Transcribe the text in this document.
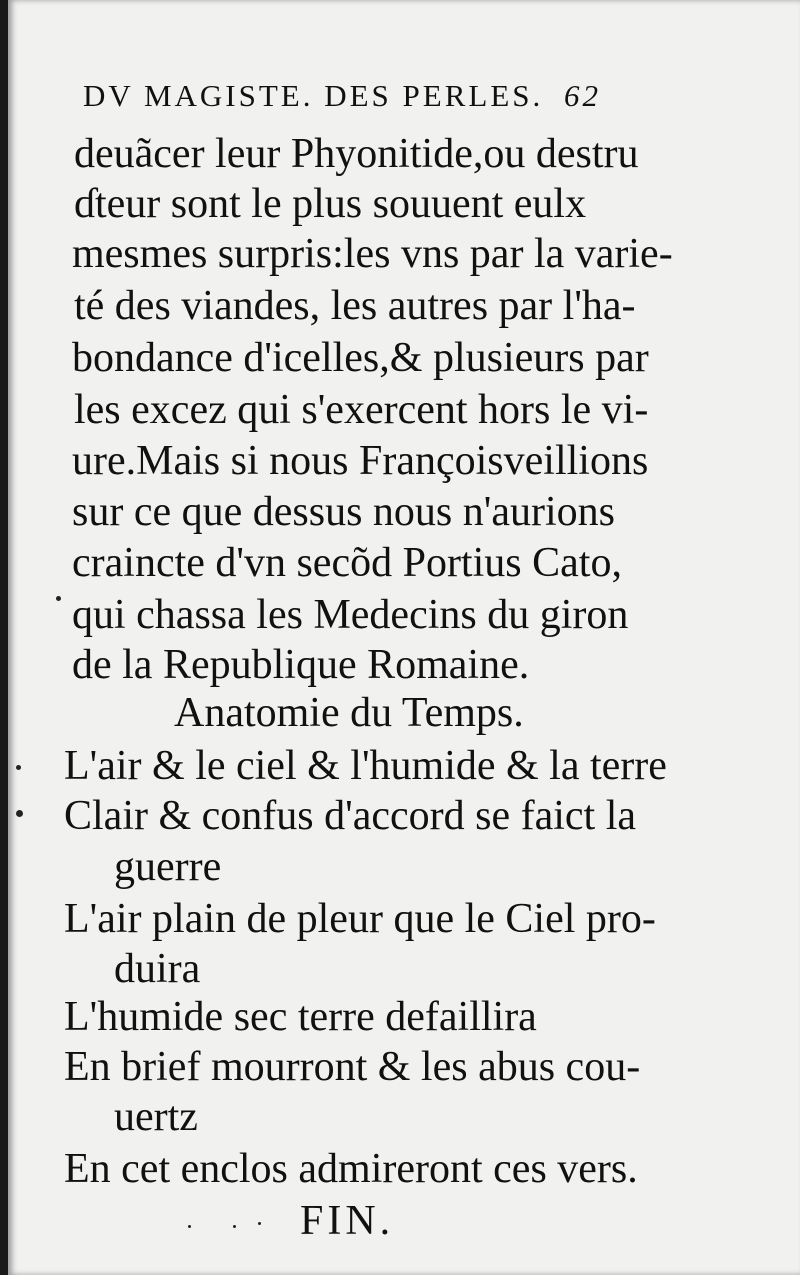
DV MAGISTE. DES PERLES. 62
deuãcer leur Phyonitide,ou destru
ɗteur sont le plus souuent eulx
mesmes surpris:les vns par la varie-
té des viandes, les autres par l'ha-
bondance d'icelles,& plusieurs par
les excez qui s'exercent hors le vi-
ure.Mais si nous Françoisveillions
sur ce que dessus nous n'aurions
craincte d'vn secõd Portius Cato,
qui chassa les Medecins du giron
de la Republique Romaine.
Anatomie du Temps.
L'air & le ciel & l'humide & la terre
Clair & confus d'accord se faict la
guerre
L'air plain de pleur que le Ciel pro-
duira
L'humide sec terre defaillira
En brief mourront & les abus cou-
uertz
En cet enclos admireront ces vers.
FIN.
